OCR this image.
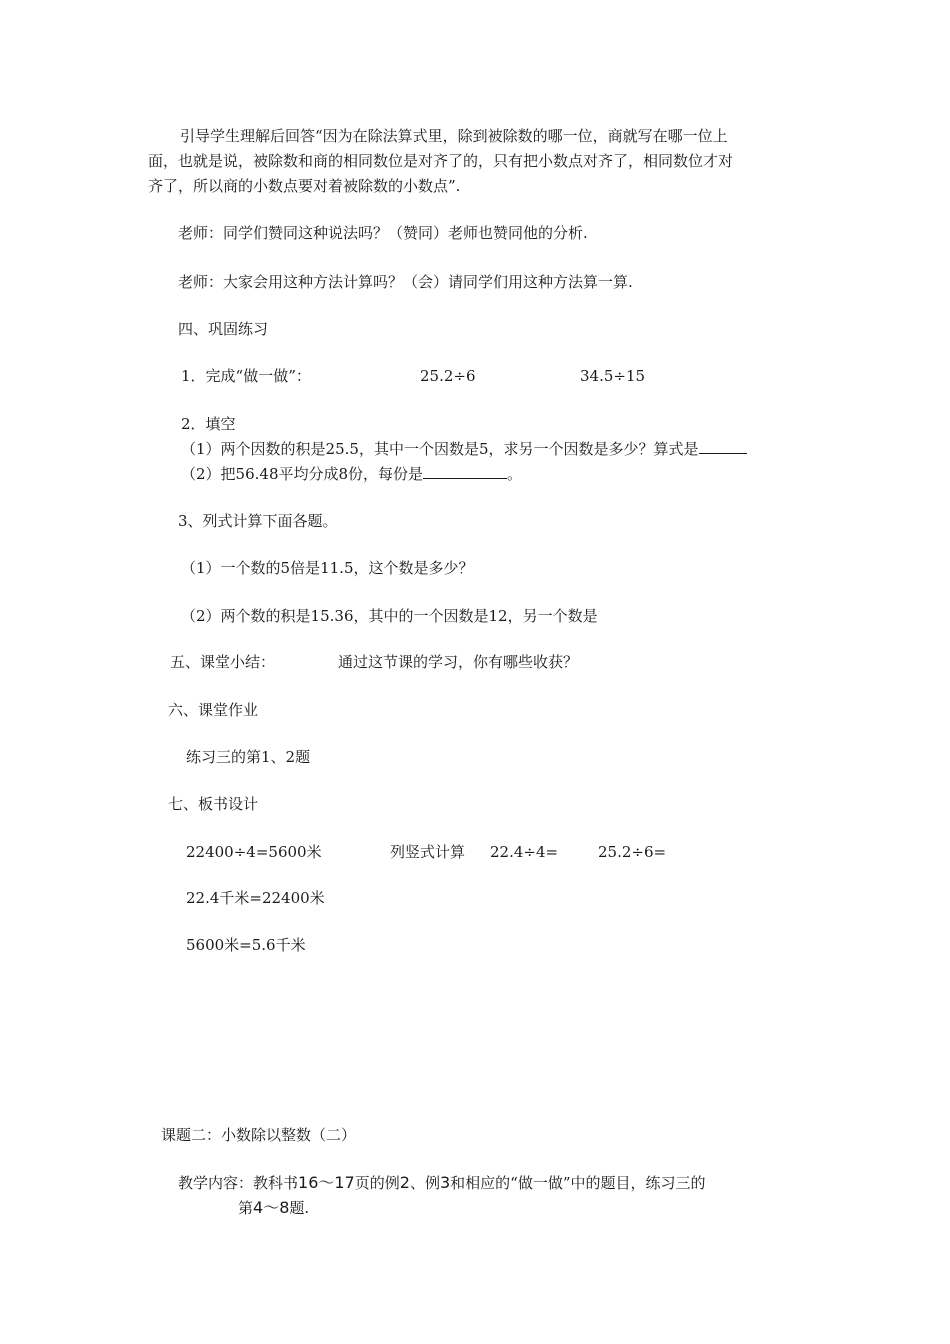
引导学生理解后回答“因为在除法算式里，除到被除数的哪一位，商就写在哪一位上
面，也就是说，被除数和商的相同数位是对齐了的，只有把小数点对齐了，相同数位才对
齐了，所以商的小数点要对着被除数的小数点”.
老师：同学们赞同这种说法吗？（赞同）老师也赞同他的分析.
老师：大家会用这种方法计算吗？（会）请同学们用这种方法算一算.
四、巩固练习
1．完成“做一做”：	25.2÷6	34.5÷15
2．填空
（1）两个因数的积是25.5，其中一个因数是5，求另一个因数是多少？算式是
（2）把56.48平均分成8份，每份是	。
3、列式计算下面各题。
（1）一个数的5倍是11.5，这个数是多少？
（2）两个数的积是15.36，其中的一个因数是12，另一个数是
五、课堂小结：	通过这节课的学习，你有哪些收获？
六、课堂作业
练习三的第1、2题
七、板书设计
22400÷4=5600米	列竖式计算 22.4÷4=	25.2÷6=
22.4千米=22400米
5600米=5.6千米
课题二：小数除以整数（二）
教学内容：教科书16～17页的例2、例3和相应的“做一做”中的题目，练习三的
第4～8题.
